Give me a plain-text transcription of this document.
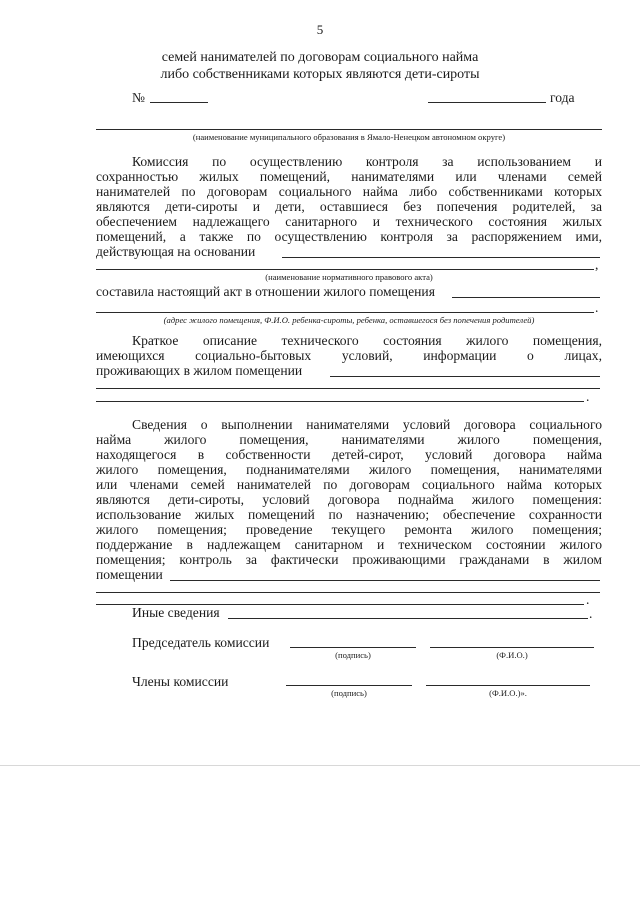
5
семей нанимателей по договорам социального найма
либо собственниками которых являются дети-сироты
№	года
(наименование муниципального образования в Ямало-Ненецком автономном округе)
Комиссия по осуществлению контроля за использованием и
сохранностью жилых помещений, нанимателями или членами семей
нанимателей по договорам социального найма либо собственниками которых
являются дети-сироты и дети, оставшиеся без попечения родителей, за
обеспечением надлежащего санитарного и технического состояния жилых
помещений, а также по осуществлению контроля за распоряжением ими,
действующая на основании
,
(наименование нормативного правового акта)
составила настоящий акт в отношении жилого помещения
.
(адрес жилого помещения, Ф.И.О. ребенка-сироты, ребенка, оставшегося без попечения родителей)
Краткое описание технического состояния жилого помещения,
имеющихся социально-бытовых условий, информации о лицах,
проживающих в жилом помещении
.
Сведения о выполнении нанимателями условий договора социального
найма жилого помещения, нанимателями жилого помещения,
находящегося в собственности детей-сирот, условий договора найма
жилого помещения, поднанимателями жилого помещения, нанимателями
или членами семей нанимателей по договорам социального найма которых
являются дети-сироты, условий договора поднайма жилого помещения:
использование жилых помещений по назначению; обеспечение сохранности
жилого помещения; проведение текущего ремонта жилого помещения;
поддержание в надлежащем санитарном и техническом состоянии жилого
помещения; контроль за фактически проживающими гражданами в жилом
помещении
.
Иные сведения	.
Председатель комиссии
(подпись)	(Ф.И.О.)
Члены комиссии
(подпись)	(Ф.И.О.)».
